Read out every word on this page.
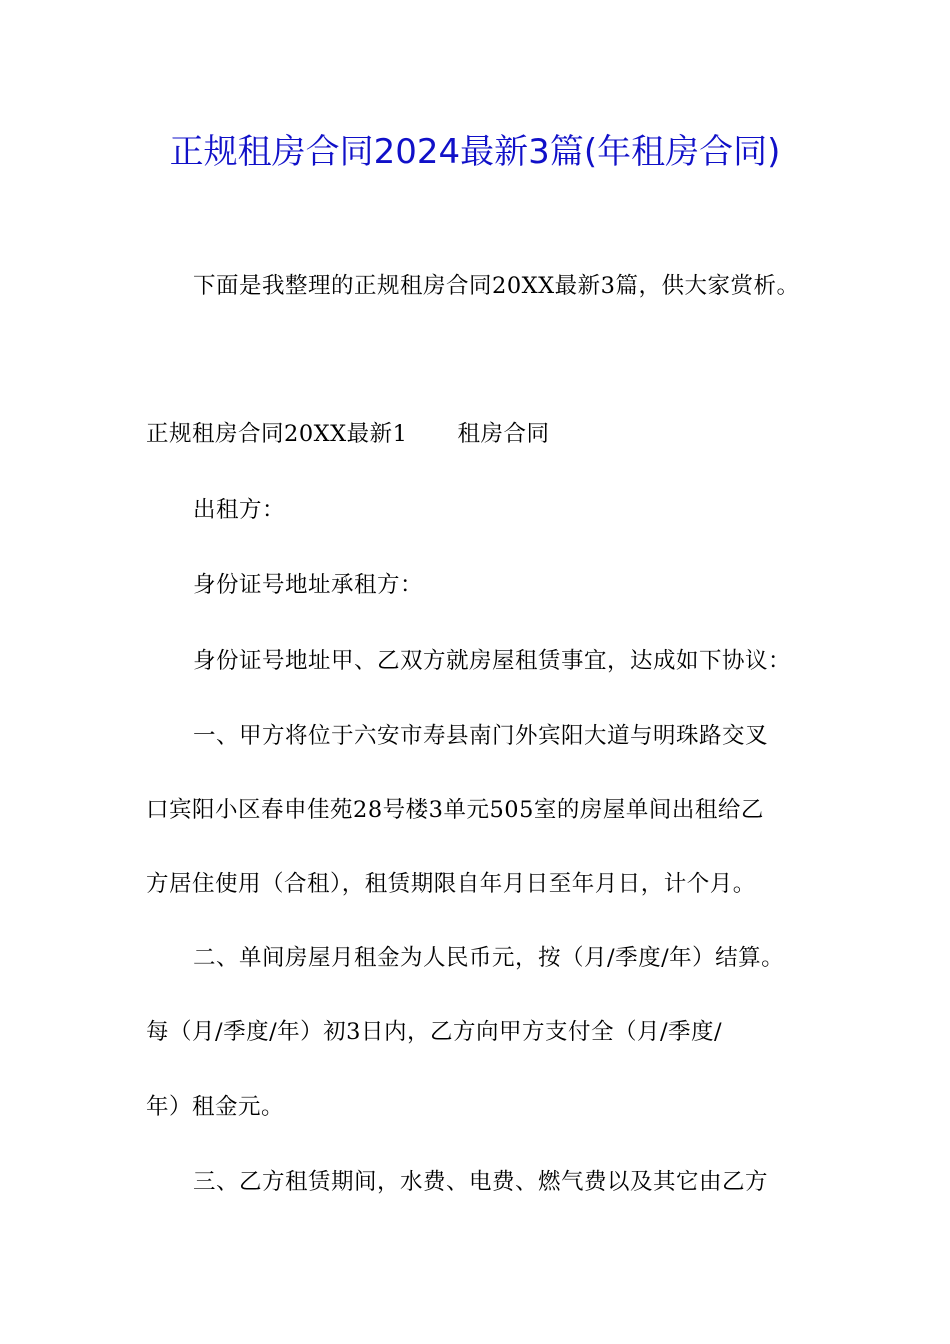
正规租房合同2024最新3篇(年租房合同)
下面是我整理的正规租房合同20XX最新3篇，供大家赏析。
正规租房合同20XX最新1 租房合同
出租方：
身份证号地址承租方：
身份证号地址甲、乙双方就房屋租赁事宜，达成如下协议：
一、甲方将位于六安市寿县南门外宾阳大道与明珠路交叉
口宾阳小区春申佳苑28号楼3单元505室的房屋单间出租给乙
方居住使用（合租），租赁期限自年月日至年月日，计个月。
二、单间房屋月租金为人民币元，按（月/季度/年）结算。
每（月/季度/年）初3日内，乙方向甲方支付全（月/季度/
年）租金元。
三、乙方租赁期间，水费、电费、燃气费以及其它由乙方
